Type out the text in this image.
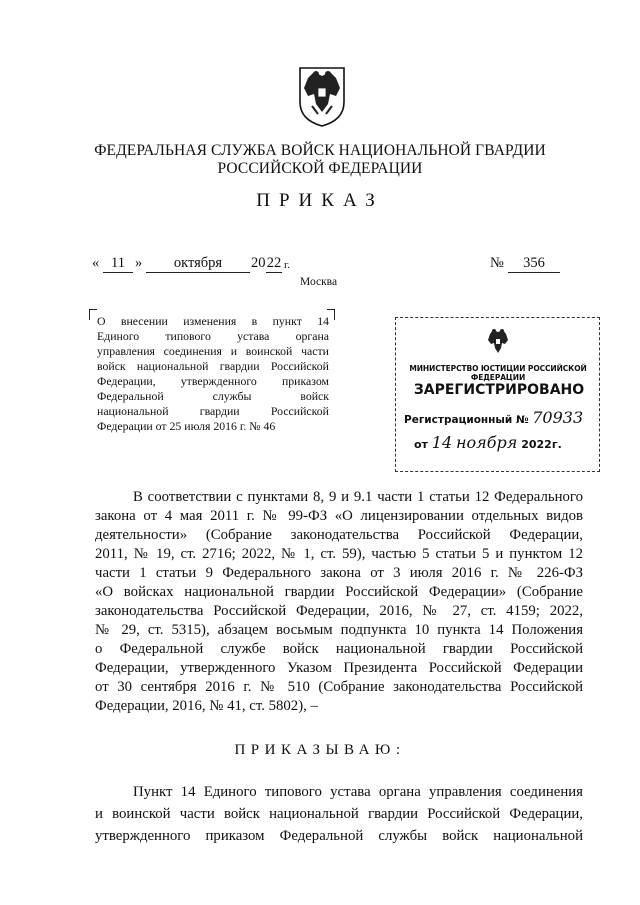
ФЕДЕРАЛЬНАЯ СЛУЖБА ВОЙСК НАЦИОНАЛЬНОЙ ГВАРДИИ
РОССИЙСКОЙ ФЕДЕРАЦИИ
ПРИКАЗ
« 11 »	октября	20 22 г.	№	356
Москва

О внесении изменения в пункт 14

Единого типового устава органа

управления соединения и воинской части

войск национальной гвардии Российской

Федерации, утвержденного приказом

Федеральной службы войск

национальной гвардии Российской

Федерации от 25 июля 2016 г. № 46

МИНИСТЕРСТВО ЮСТИЦИИ РОССИЙСКОЙ ФЕДЕРАЦИИ
ЗАРЕГИСТРИРОВАНО
Регистрационный № 70933
от 14 ноября 2022г.

В соответствии с пунктами 8, 9 и 9.1 части 1 статьи 12 Федерального

закона от 4 мая 2011 г. № 99-ФЗ «О лицензировании отдельных видов

деятельности» (Собрание законодательства Российской Федерации,

2011, № 19, ст. 2716; 2022, № 1, ст. 59), частью 5 статьи 5 и пунктом 12

части 1 статьи 9 Федерального закона от 3 июля 2016 г. № 226-ФЗ

«О войсках национальной гвардии Российской Федерации» (Собрание

законодательства Российской Федерации, 2016, № 27, ст. 4159; 2022,

№ 29, ст. 5315), абзацем восьмым подпункта 10 пункта 14 Положения

о Федеральной службе войск национальной гвардии Российской

Федерации, утвержденного Указом Президента Российской Федерации

от 30 сентября 2016 г. № 510 (Собрание законодательства Российской

Федерации, 2016, № 41, ст. 5802), –

ПРИКАЗЫВАЮ:

Пункт 14 Единого типового устава органа управления соединения

и воинской части войск национальной гвардии Российской Федерации,

утвержденного приказом Федеральной службы войск национальной
